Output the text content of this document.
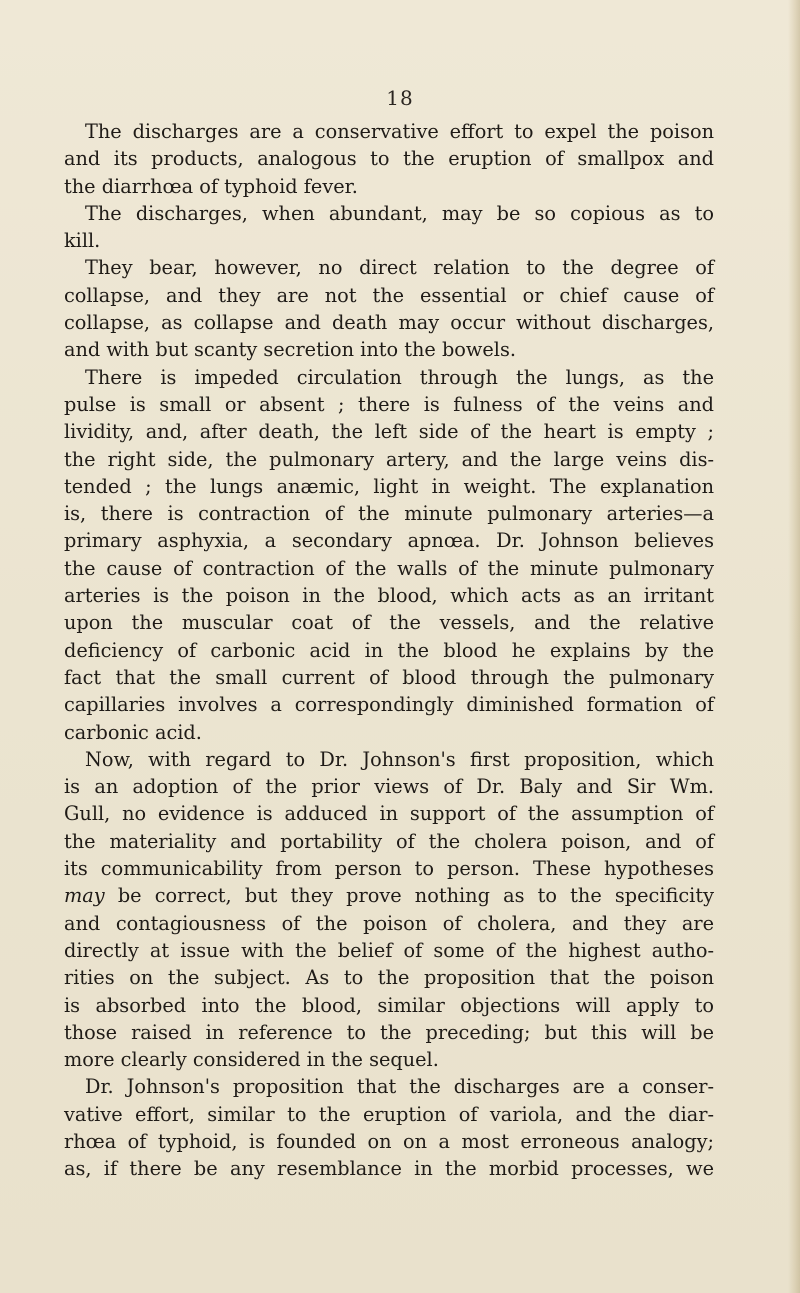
18

The discharges are a conservative effort to expel the poison
and its products, analogous to the eruption of smallpox and
the diarrhœa of typhoid fever.
The discharges, when abundant, may be so copious as to
kill.
They bear, however, no direct relation to the degree of
collapse, and they are not the essential or chief cause of
collapse, as collapse and death may occur without discharges,
and with but scanty secretion into the bowels.
There is impeded circulation through the lungs, as the
pulse is small or absent ; there is fulness of the veins and
lividity, and, after death, the left side of the heart is empty ;
the right side, the pulmonary artery, and the large veins dis-
tended ; the lungs anæmic, light in weight. The explanation
is, there is contraction of the minute pulmonary arteries—a
primary asphyxia, a secondary apnœa. Dr. Johnson believes
the cause of contraction of the walls of the minute pulmonary
arteries is the poison in the blood, which acts as an irritant
upon the muscular coat of the vessels, and the relative
deficiency of carbonic acid in the blood he explains by the
fact that the small current of blood through the pulmonary
capillaries involves a correspondingly diminished formation of
carbonic acid.
Now, with regard to Dr. Johnson's first proposition, which
is an adoption of the prior views of Dr. Baly and Sir Wm.
Gull, no evidence is adduced in support of the assumption of
the materiality and portability of the cholera poison, and of
its communicability from person to person. These hypotheses
may be correct, but they prove nothing as to the specificity
and contagiousness of the poison of cholera, and they are
directly at issue with the belief of some of the highest autho-
rities on the subject. As to the proposition that the poison
is absorbed into the blood, similar objections will apply to
those raised in reference to the preceding; but this will be
more clearly considered in the sequel.
Dr. Johnson's proposition that the discharges are a conser-
vative effort, similar to the eruption of variola, and the diar-
rhœa of typhoid, is founded on on a most erroneous analogy;
as, if there be any resemblance in the morbid processes, we
